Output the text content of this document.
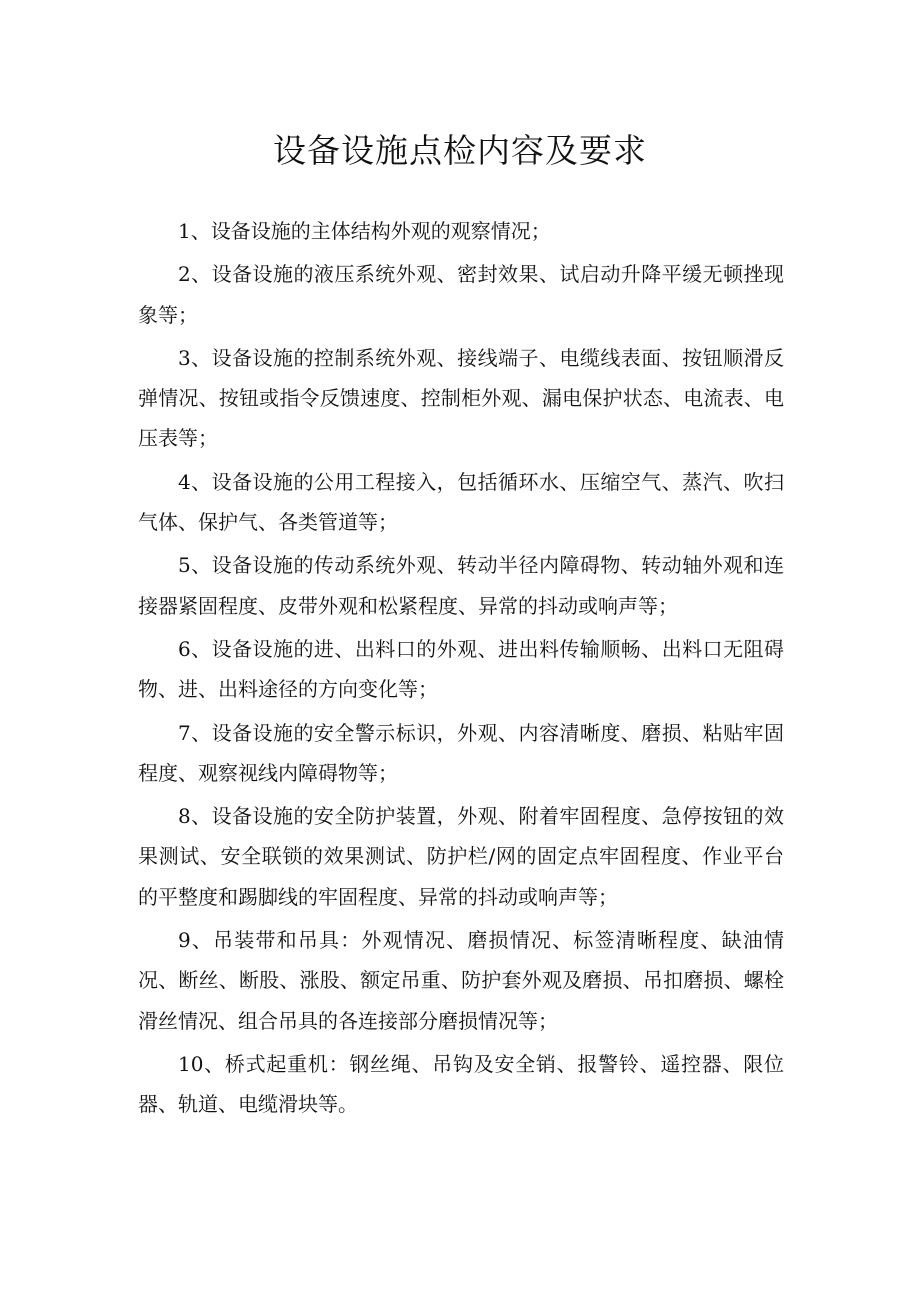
设备设施点检内容及要求

1、设备设施的主体结构外观的观察情况；

2、设备设施的液压系统外观、密封效果、试启动升降平缓无顿挫现象等；

3、设备设施的控制系统外观、接线端子、电缆线表面、按钮顺滑反弹情况、按钮或指令反馈速度、控制柜外观、漏电保护状态、电流表、电压表等；

4、设备设施的公用工程接入，包括循环水、压缩空气、蒸汽、吹扫气体、保护气、各类管道等；

5、设备设施的传动系统外观、转动半径内障碍物、转动轴外观和连接器紧固程度、皮带外观和松紧程度、异常的抖动或响声等；

6、设备设施的进、出料口的外观、进出料传输顺畅、出料口无阻碍物、进、出料途径的方向变化等；

7、设备设施的安全警示标识，外观、内容清晰度、磨损、粘贴牢固程度、观察视线内障碍物等；

8、设备设施的安全防护装置，外观、附着牢固程度、急停按钮的效果测试、安全联锁的效果测试、防护栏/网的固定点牢固程度、作业平台的平整度和踢脚线的牢固程度、异常的抖动或响声等；

9、吊装带和吊具：外观情况、磨损情况、标签清晰程度、缺油情况、断丝、断股、涨股、额定吊重、防护套外观及磨损、吊扣磨损、螺栓滑丝情况、组合吊具的各连接部分磨损情况等；

10、桥式起重机：钢丝绳、吊钩及安全销、报警铃、遥控器、限位器、轨道、电缆滑块等。
